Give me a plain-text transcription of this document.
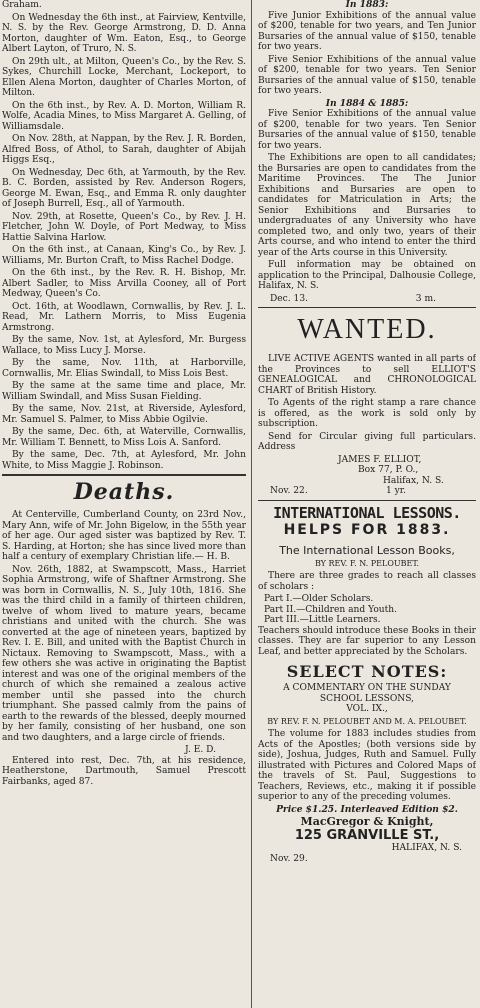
Graham.

On Wednesday the 6th inst., at Fairview, Kentville, N. S. by the Rev. George Armstrong, D. D. Anna Morton, daughter of Wm. Eaton, Esq., to George Albert Layton, of Truro, N. S.

On 29th ult., at Milton, Queen's Co., by the Rev. S. Sykes, Churchill Locke, Merchant, Lockeport, to Ellen Alena Morton, daughter of Charles Morton, of Milton.

On the 6th inst., by Rev. A. D. Morton, William R. Wolfe, Acadia Mines, to Miss Margaret A. Gelling, of Williamsdale.

On Nov. 28th, at Nappan, by the Rev. J. R. Borden, Alfred Boss, of Athol, to Sarah, daughter of Abijah Higgs Esq.,

On Wednesday, Dec 6th, at Yarmouth, by the Rev. B. C. Borden, assisted by Rev. Anderson Rogers, George M. Ewan, Esq., and Emma R. only daughter of Joseph Burrell, Esq., all of Yarmouth.

Nov. 29th, at Rosette, Queen's Co., by Rev. J. H. Fletcher, John W. Doyle, of Port Medway, to Miss Hattie Salvina Harlow.

On the 6th inst., at Canaan, King's Co., by Rev. J. Williams, Mr. Burton Craft, to Miss Rachel Dodge.

On the 6th inst., by the Rev. R. H. Bishop, Mr. Albert Sadler, to Miss Arvilla Cooney, all of Port Medway, Queen's Co.

Oct. 16th, at Woodlawn, Cornwallis, by Rev. J. L. Read, Mr. Lathern Morris, to Miss Eugenia Armstrong.

By the same, Nov. 1st, at Aylesford, Mr. Burgess Wallace, to Miss Lucy J. Morse.

By the same, Nov. 11th, at Harborville, Cornwallis, Mr. Elias Swindall, to Miss Lois Best.

By the same at the same time and place, Mr. William Swindall, and Miss Susan Fielding.

By the same, Nov. 21st, at Riverside, Aylesford, Mr. Samuel S. Palmer, to Miss Abbie Ogilvie.

By the same, Dec. 6th, at Waterville, Cornwallis, Mr. William T. Bennett, to Miss Lois A. Sanford.

By the same, Dec. 7th, at Aylesford, Mr. John White, to Miss Maggie J. Robinson.

Deaths.

At Centerville, Cumberland County, on 23rd Nov., Mary Ann, wife of Mr. John Bigelow, in the 55th year of her age. Our aged sister was baptized by Rev. T. S. Harding, at Horton; she has since lived more than half a century of exemplary Christian life.— H. B.

Nov. 26th, 1882, at Swampscott, Mass., Harriet Sophia Armstrong, wife of Shaftner Armstrong. She was born in Cornwallis, N. S., July 10th, 1816. She was the third child in a family of thirteen children, twelve of whom lived to mature years, became christians and united with the church. She was converted at the age of nineteen years, baptized by Rev. I. E. Bill, and united with the Baptist Church in Nictaux. Removing to Swampscott, Mass., with a few others she was active in originating the Baptist interest and was one of the original members of the church of which she remained a zealous active member until she passed into the church triumphant. She passed calmly from the pains of earth to the rewards of the blessed, deeply mourned by her family, consisting of her husband, one son and two daughters, and a large circle of friends.

J. E. D.

Entered into rest, Dec. 7th, at his residence, Heatherstone, Dartmouth, Samuel Prescott Fairbanks, aged 87.

In 1883:

Five Junior Exhibitions of the annual value of $200, tenable for two years, and Ten Junior Bursaries of the annual value of $150, tenable for two years.

Five Senior Exhibitions of the annual value of $200, tenable for two years. Ten Senior Bursaries of the annual value of $150, tenable for two years.

In 1884 & 1885:

Five Senior Exhibitions of the annual value of $200, tenable for two years. Ten Senior Bursaries of the annual value of $150, tenable for two years.

The Exhibitions are open to all candidates; the Bursaries are open to candidates from the Maritime Provinces. The The Junior Exhibitions and Bursaries are open to candidates for Matriculation in Arts; the Senior Exhibitions and Bursaries to undergraduates of any University who have completed two, and only two, years of their Arts course, and who intend to enter the third year of the Arts course in this University.

Full information may be obtained on application to the Principal, Dalhousie College, Halifax, N. S.

Dec. 13.	3 m.
WANTED.

LIVE ACTIVE AGENTS wanted in all parts of the Provinces to sell ELLIOT'S GENEALOGICAL and CHRONOLOGICAL CHART of British History.

To Agents of the right stamp a rare chance is offered, as the work is sold only by subscription.

Send for Circular giving full particulars. Address

JAMES F. ELLIOT,
Box 77, P. O.,
Halifax, N. S.
Nov. 22.	1 yr.
INTERNATIONAL LESSONS.
HELPS FOR 1883.
The International Lesson Books,
BY REV. F. N. PELOUBET.

There are three grades to reach all classes of scholars :

Part I.—Older Scholars.
Part II.—Children and Youth.
Part III.—Little Learners.

Teachers should introduce these Books in their classes. They are far superior to any Lesson Leaf, and better appreciated by the Scholars.

SELECT NOTES:
A COMMENTARY ON THE SUNDAY
SCHOOL LESSONS,
VOL. IX.,
BY REV. F. N. PELOUBET AND M. A. PELOUBET.

The volume for 1883 includes studies from Acts of the Apostles; (both versions side by side), Joshua, Judges, Ruth and Samuel. Fully illustrated with Pictures and Colored Maps of the travels of St. Paul, Suggestions to Teachers, Reviews, etc., making it if possible superior to any of the preceding volumes.

Price $1.25. Interleaved Edition $2.
MacGregor & Knight,
125 GRANVILLE ST.,
HALIFAX, N. S.
Nov. 29.
